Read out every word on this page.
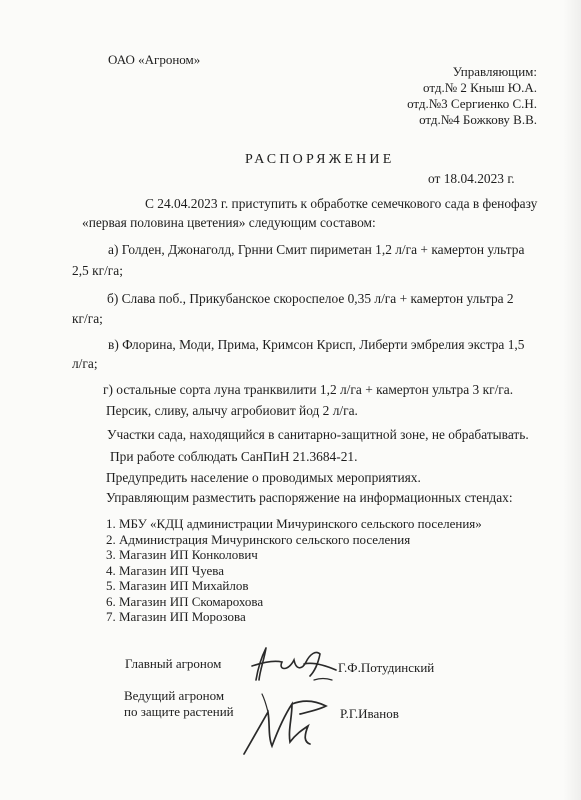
ОАО «Агроном»
Управляющим:
отд.№ 2 Кныш Ю.А.
отд.№3 Сергиенко С.Н.
отд.№4 Божкову В.В.
РАСПОРЯЖЕНИЕ
от 18.04.2023 г.
С 24.04.2023 г. приступить к обработке семечкового сада в фенофазу
«первая половина цветения» следующим составом:
а) Голден, Джонаголд, Грнни Смит пириметан 1,2 л/га + камертон ультра
2,5 кг/га;
б) Слава поб., Прикубанское скороспелое 0,35 л/га + камертон ультра 2
кг/га;
в) Флорина, Моди, Прима, Кримсон Крисп, Либерти эмбрелия экстра 1,5
л/га;
г) остальные сорта луна транквилити 1,2 л/га + камертон ультра 3 кг/га.
Персик, сливу, алычу агробиовит йод 2 л/га.
Участки сада, находящийся в санитарно-защитной зоне, не обрабатывать.
При работе соблюдать СанПиН 21.3684-21.
Предупредить население о проводимых мероприятиях.
Управляющим разместить распоряжение на информационных стендах:
1. МБУ «КДЦ администрации Мичуринского сельского поселения»
2. Администрация Мичуринского сельского поселения
3. Магазин ИП Конколович
4. Магазин ИП Чуева
5. Магазин ИП Михайлов
6. Магазин ИП Скомарохова
7. Магазин ИП Морозова
Главный агроном	Г.Ф.Потудинский
Ведущий агроном
по защите растений	Р.Г.Иванов
